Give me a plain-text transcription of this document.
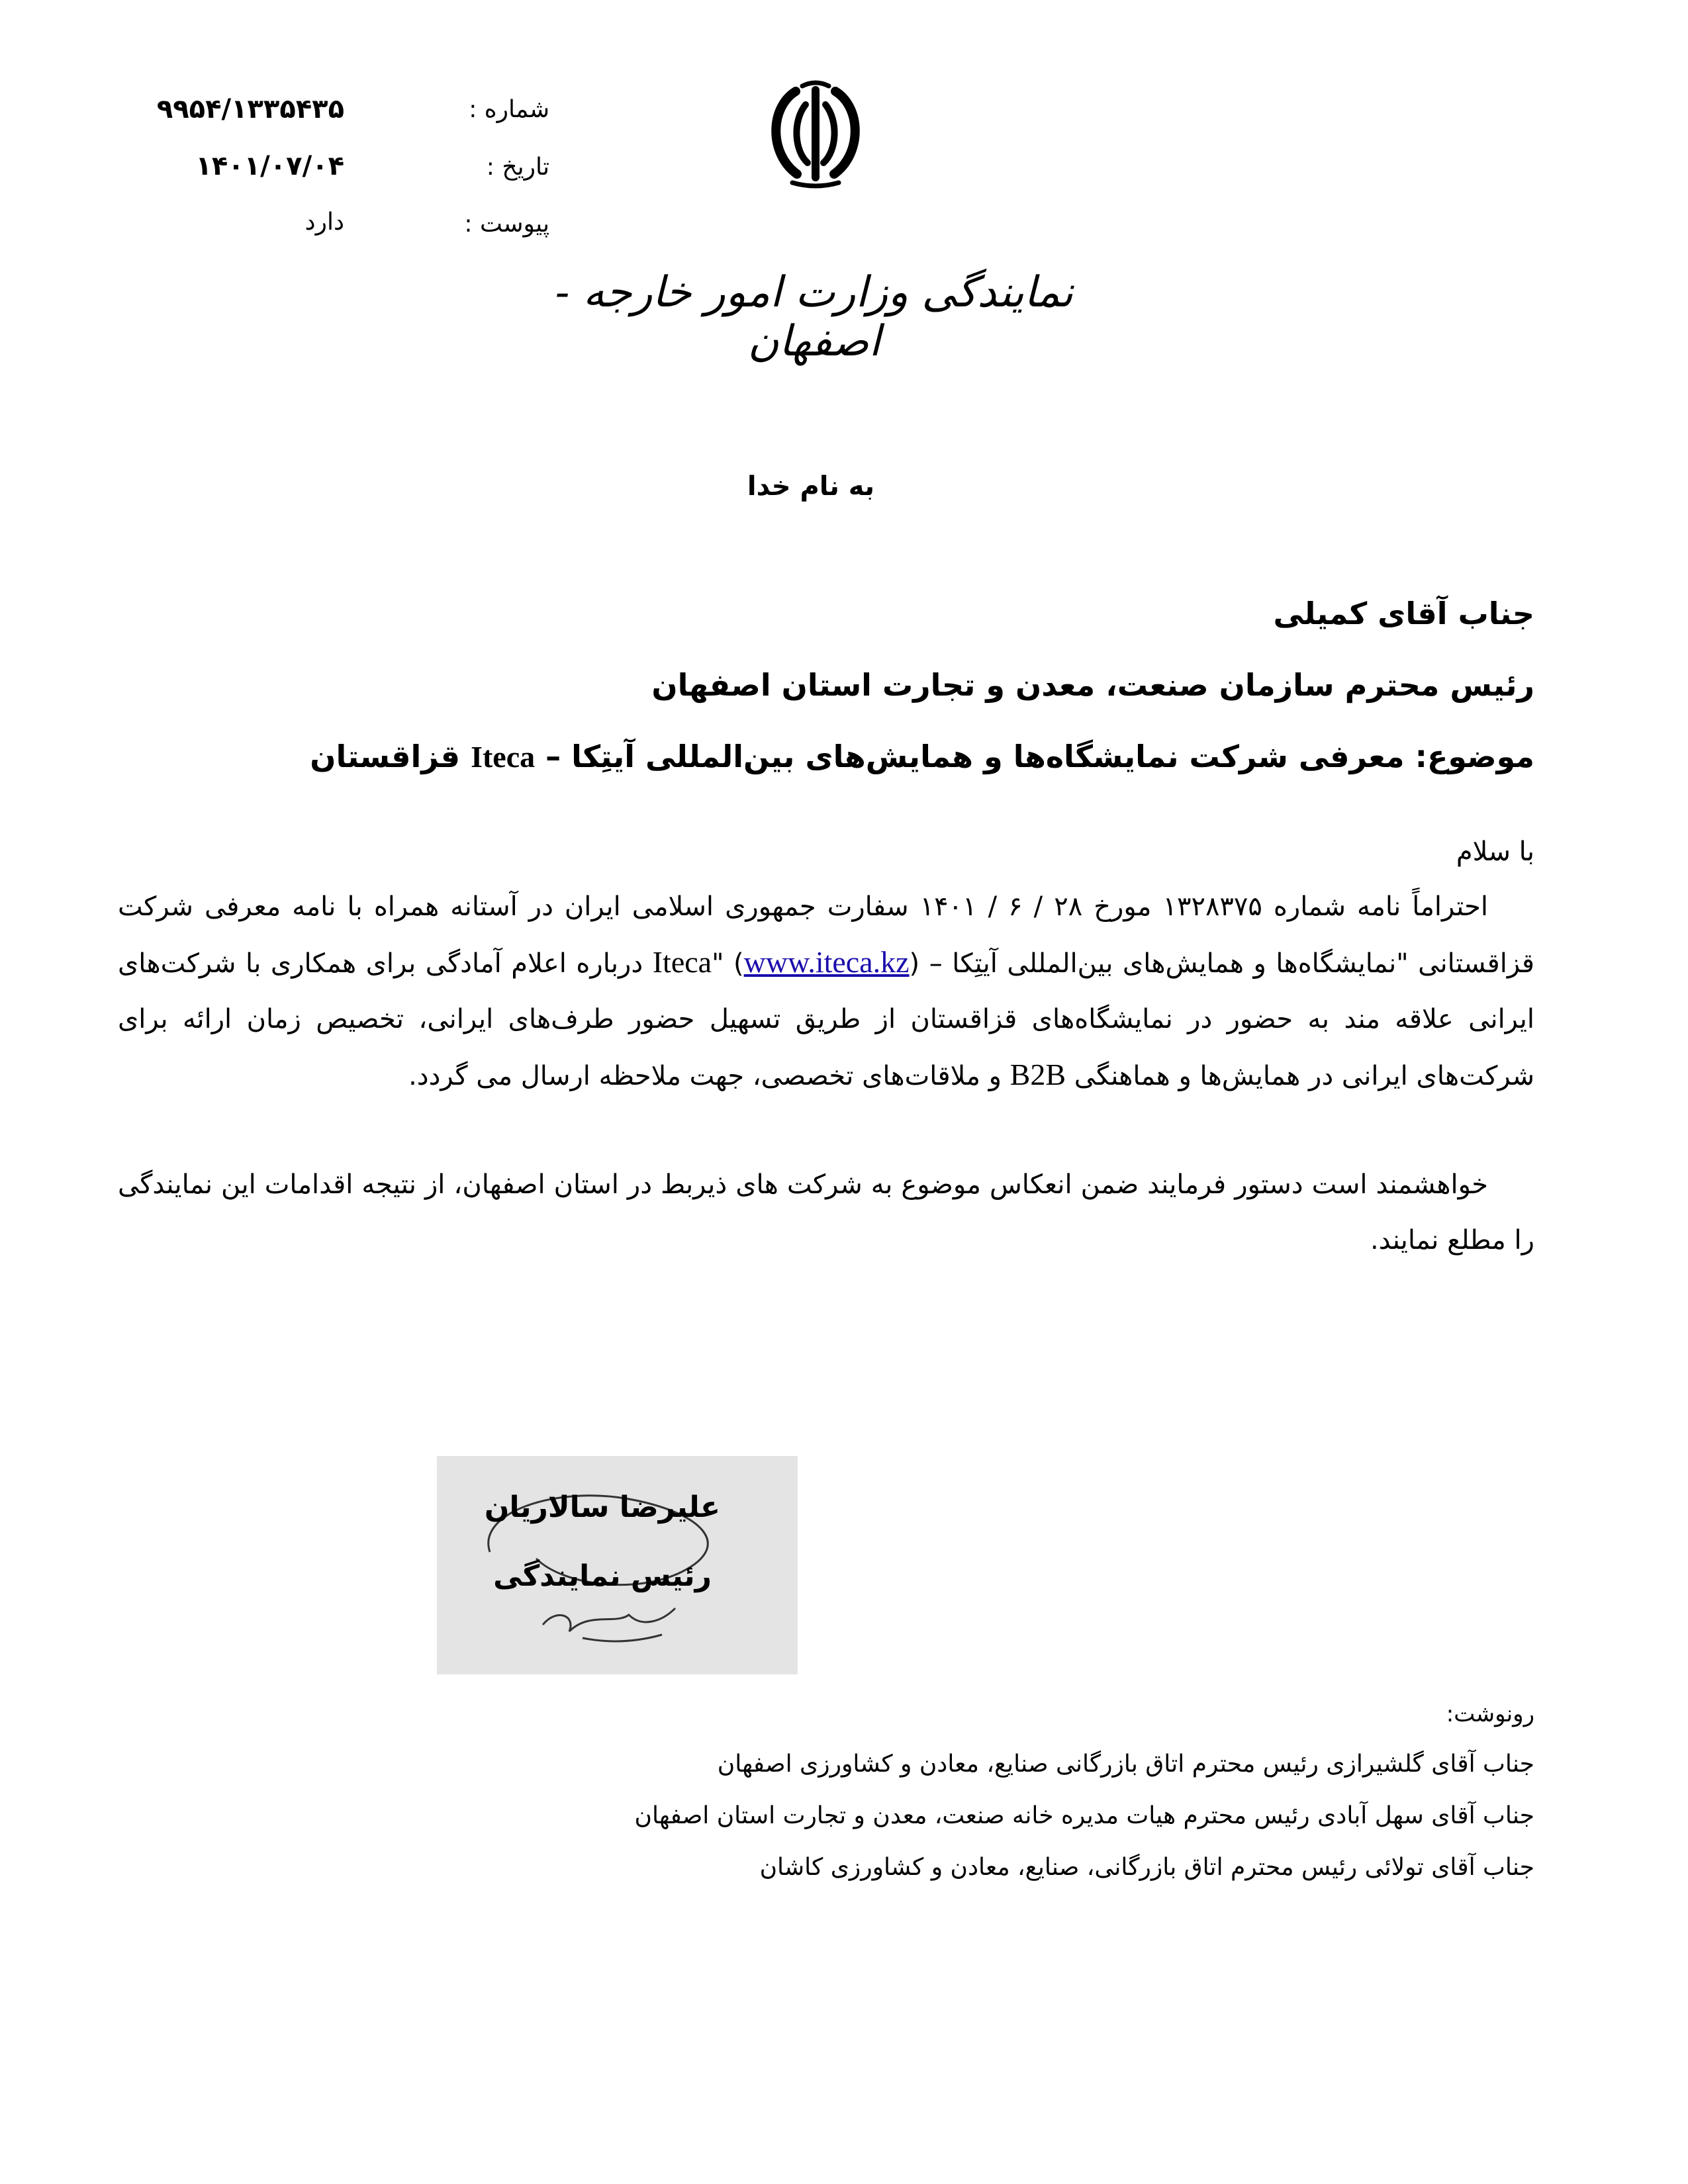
شماره :
۹۹۵۴/۱۳۳۵۴۳۵
تاریخ :
۱۴۰۱/۰۷/۰۴
پیوست :
دارد
نمایندگی وزارت امور خارجه - اصفهان
به نام خدا
جناب آقای کمیلی
رئیس محترم سازمان صنعت، معدن و تجارت استان اصفهان
موضوع: معرفی شرکت نمایشگاه‌ها و همایش‌های بین‌المللی آیتِکا – Iteca قزاقستان
با سلام
احتراماً نامه شماره ۱۳۲۸۳۷۵ مورخ ۲۸ / ۶ / ۱۴۰۱ سفارت جمهوری اسلامی ایران در آستانه همراه با نامه معرفی شرکت قزاقستانی "نمایشگاه‌ها و همایش‌های بین‌المللی آیتِکا – Iteca" (www.iteca.kz) درباره اعلام آمادگی برای همکاری با شرکت‌های ایرانی علاقه مند به حضور در نمایشگاه‌های قزاقستان از طریق تسهیل حضور طرف‌های ایرانی، تخصیص زمان ارائه برای شرکت‌های ایرانی در همایش‌ها و هماهنگی B2B و ملاقات‌های تخصصی، جهت ملاحظه ارسال می گردد.
خواهشمند است دستور فرمایند ضمن انعکاس موضوع به شرکت های ذیربط در استان اصفهان، از نتیجه اقدامات این نمایندگی را مطلع نمایند.
علیرضا سالاریان
رئیس نمایندگی
رونوشت:
جناب آقای گلشیرازی رئیس محترم اتاق بازرگانی صنایع، معادن و کشاورزی اصفهان
جناب آقای سهل آبادی رئیس محترم هیات مدیره خانه صنعت، معدن و تجارت استان اصفهان
جناب آقای تولائی رئیس محترم اتاق بازرگانی، صنایع، معادن و کشاورزی کاشان
